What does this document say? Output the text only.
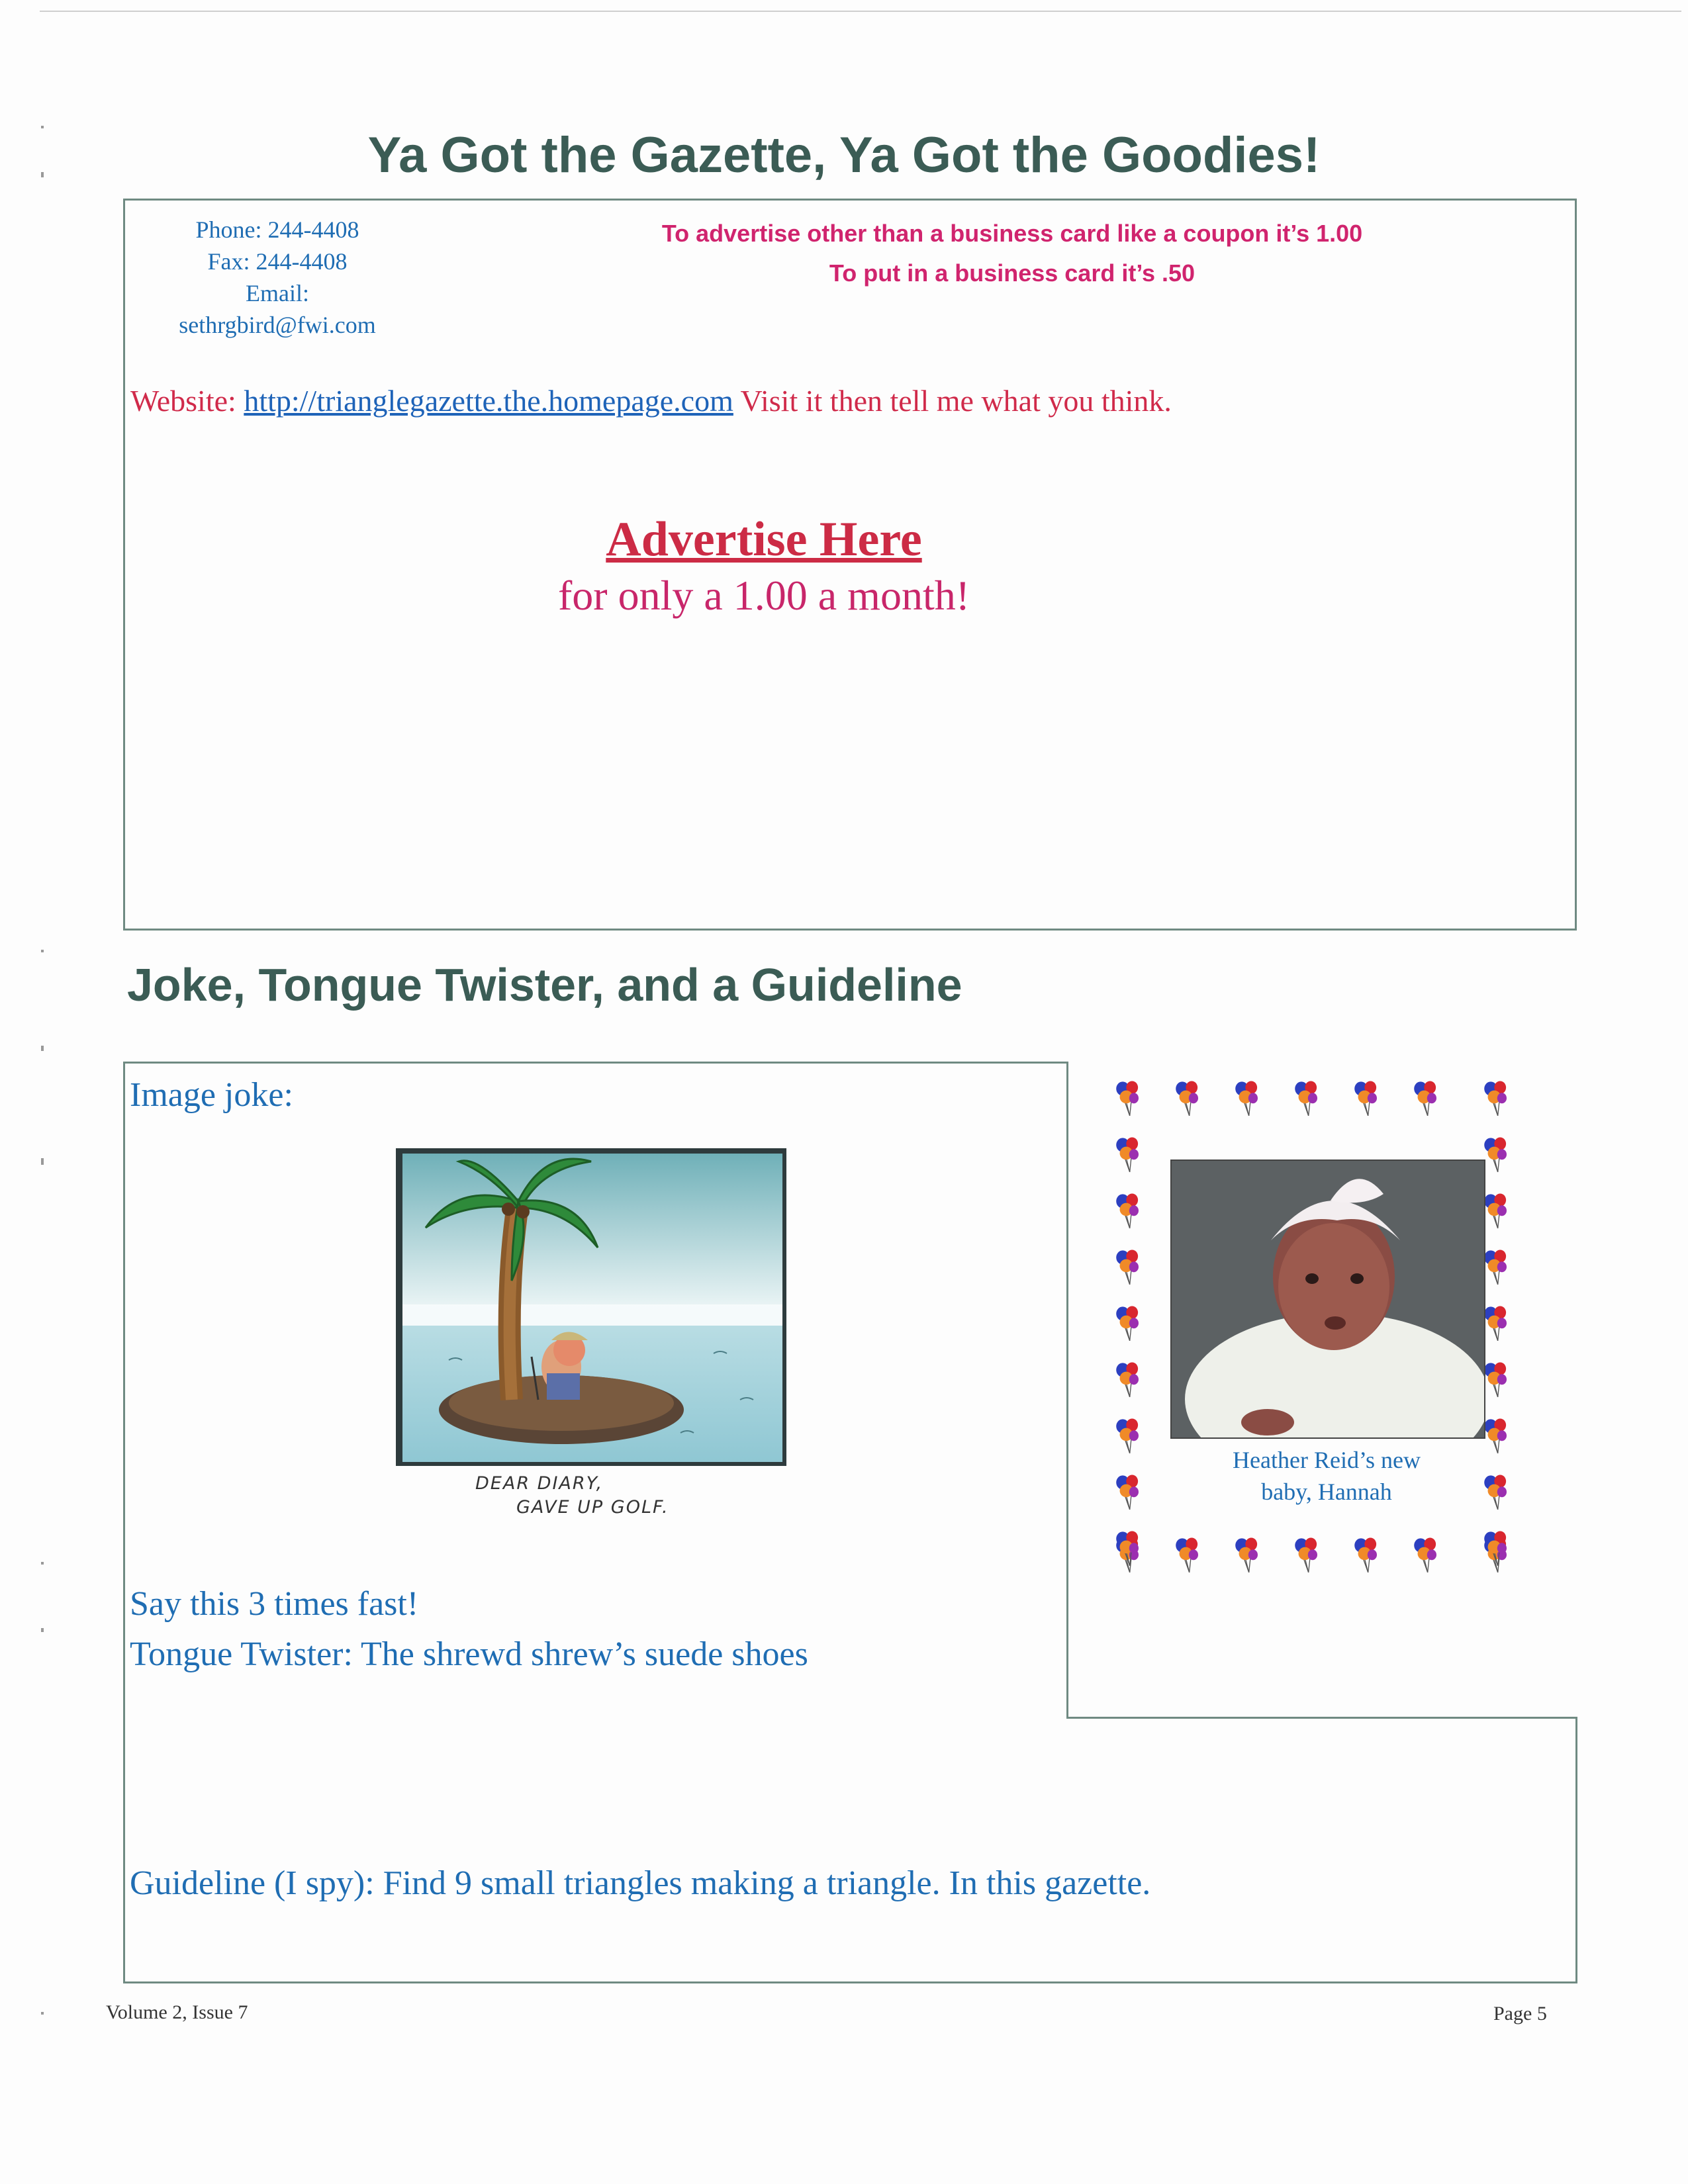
Ya Got the Gazette, Ya Got the Goodies!
Phone: 244-4408
Fax: 244-4408
Email:
sethrgbird@fwi.com
To advertise other than a business card like a coupon it’s 1.00
To put in a business card it’s .50
Website: http://trianglegazette.the.homepage.com Visit it then tell me what you think.
Advertise Here
for only a 1.00 a month!
Joke, Tongue Twister, and a Guideline
Image joke:
DEAR DIARY,
GAVE UP GOLF.
Say this 3 times fast!
Tongue Twister: The shrewd shrew’s suede shoes
Guideline (I spy): Find 9 small triangles making a triangle. In this gazette.
Heather Reid’s new
baby, Hannah
Volume 2, Issue 7	Page 5
